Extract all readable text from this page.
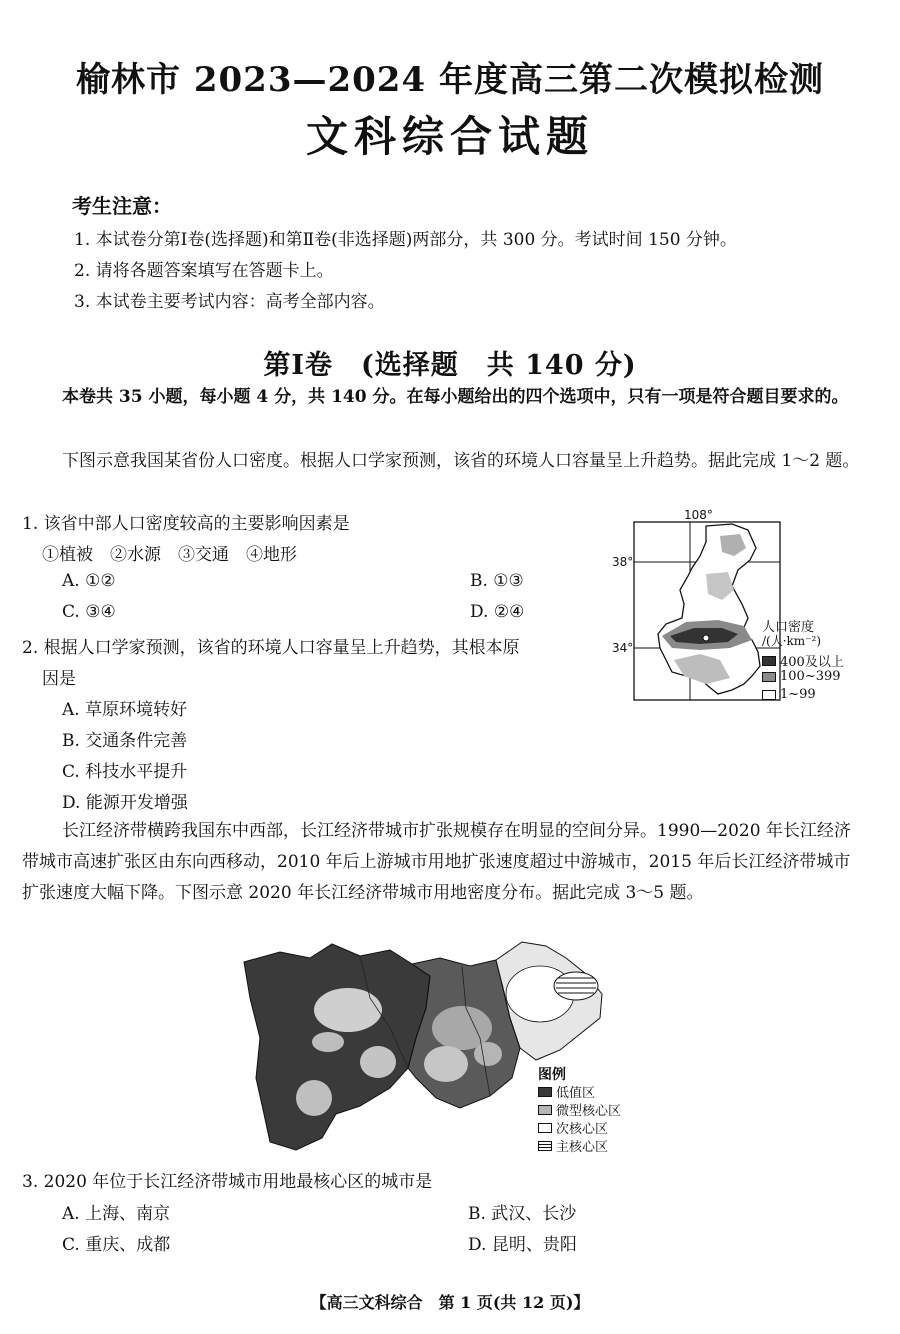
榆林市 2023—2024 年度高三第二次模拟检测
文科综合试题
考生注意：
1. 本试卷分第Ⅰ卷(选择题)和第Ⅱ卷(非选择题)两部分，共 300 分。考试时间 150 分钟。
2. 请将各题答案填写在答题卡上。
3. 本试卷主要考试内容：高考全部内容。
第Ⅰ卷　(选择题　共 140 分)
本卷共 35 小题，每小题 4 分，共 140 分。在每小题给出的四个选项中，只有一项是符合题目要求的。
下图示意我国某省份人口密度。根据人口学家预测，该省的环境人口容量呈上升趋势。据此完成 1～2 题。
1. 该省中部人口密度较高的主要影响因素是
①植被　②水源　③交通　④地形
A. ①②	B. ①③
C. ③④	D. ②④
2. 根据人口学家预测，该省的环境人口容量呈上升趋势，其根本原
因是
A. 草原环境转好
B. 交通条件完善
C. 科技水平提升
D. 能源开发增强
108°
38°
34°
人口密度
/(人·km⁻²)
400及以上
100~399
1~99
长江经济带横跨我国东中西部，长江经济带城市扩张规模存在明显的空间分异。1990—2020 年长江经济带城市高速扩张区由东向西移动，2010 年后上游城市用地扩张速度超过中游城市，2015 年后长江经济带城市扩张速度大幅下降。下图示意 2020 年长江经济带城市用地密度分布。据此完成 3～5 题。
图例
低值区
微型核心区
次核心区
主核心区
3. 2020 年位于长江经济带城市用地最核心区的城市是
A. 上海、南京	B. 武汉、长沙
C. 重庆、成都	D. 昆明、贵阳
【高三文科综合　第 1 页(共 12 页)】
